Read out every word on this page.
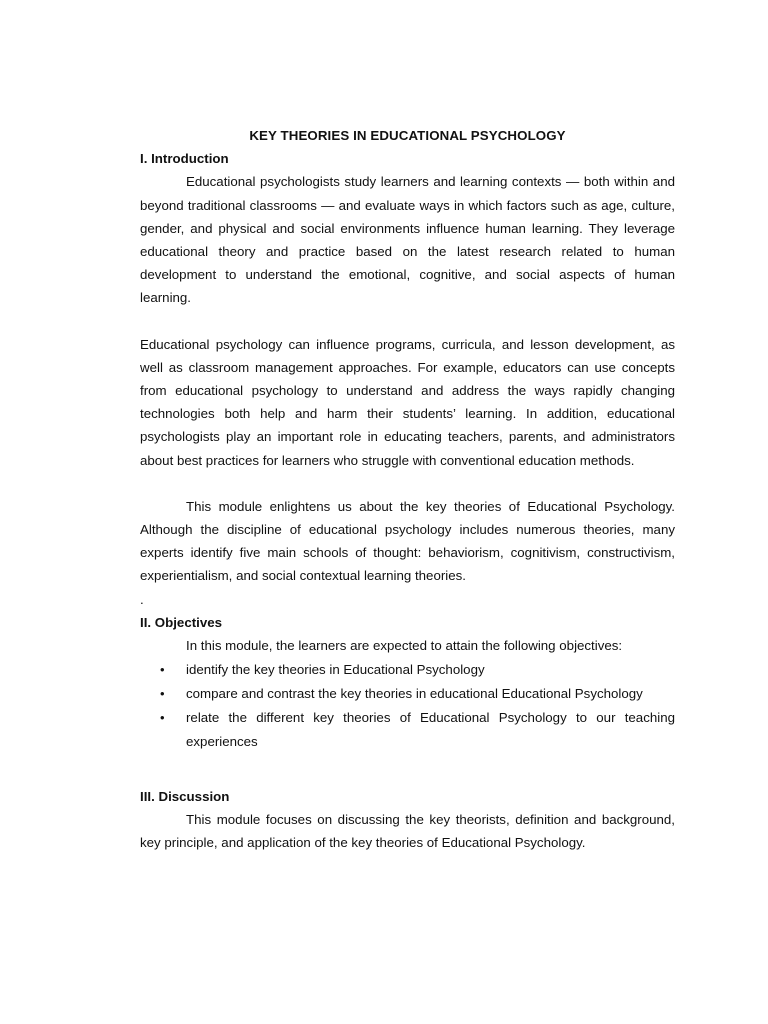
KEY THEORIES IN EDUCATIONAL PSYCHOLOGY
I. Introduction

Educational psychologists study learners and learning contexts — both within and beyond traditional classrooms — and evaluate ways in which factors such as age, culture, gender, and physical and social environments influence human learning. They leverage educational theory and practice based on the latest research related to human development to understand the emotional, cognitive, and social aspects of human learning.

Educational psychology can influence programs, curricula, and lesson development, as well as classroom management approaches. For example, educators can use concepts from educational psychology to understand and address the ways rapidly changing technologies both help and harm their students’ learning. In addition, educational psychologists play an important role in educating teachers, parents, and administrators about best practices for learners who struggle with conventional education methods.

This module enlightens us about the key theories of Educational Psychology. Although the discipline of educational psychology includes numerous theories, many experts identify five main schools of thought: behaviorism, cognitivism, constructivism, experientialism, and social contextual learning theories.

.
II. Objectives

In this module, the learners are expected to attain the following objectives:

• identify the key theories in Educational Psychology
• compare and contrast the key theories in educational Educational Psychology
• relate the different key theories of Educational Psychology to our teaching experiences
III. Discussion

This module focuses on discussing the key theorists, definition and background, key principle, and application of the key theories of Educational Psychology.
